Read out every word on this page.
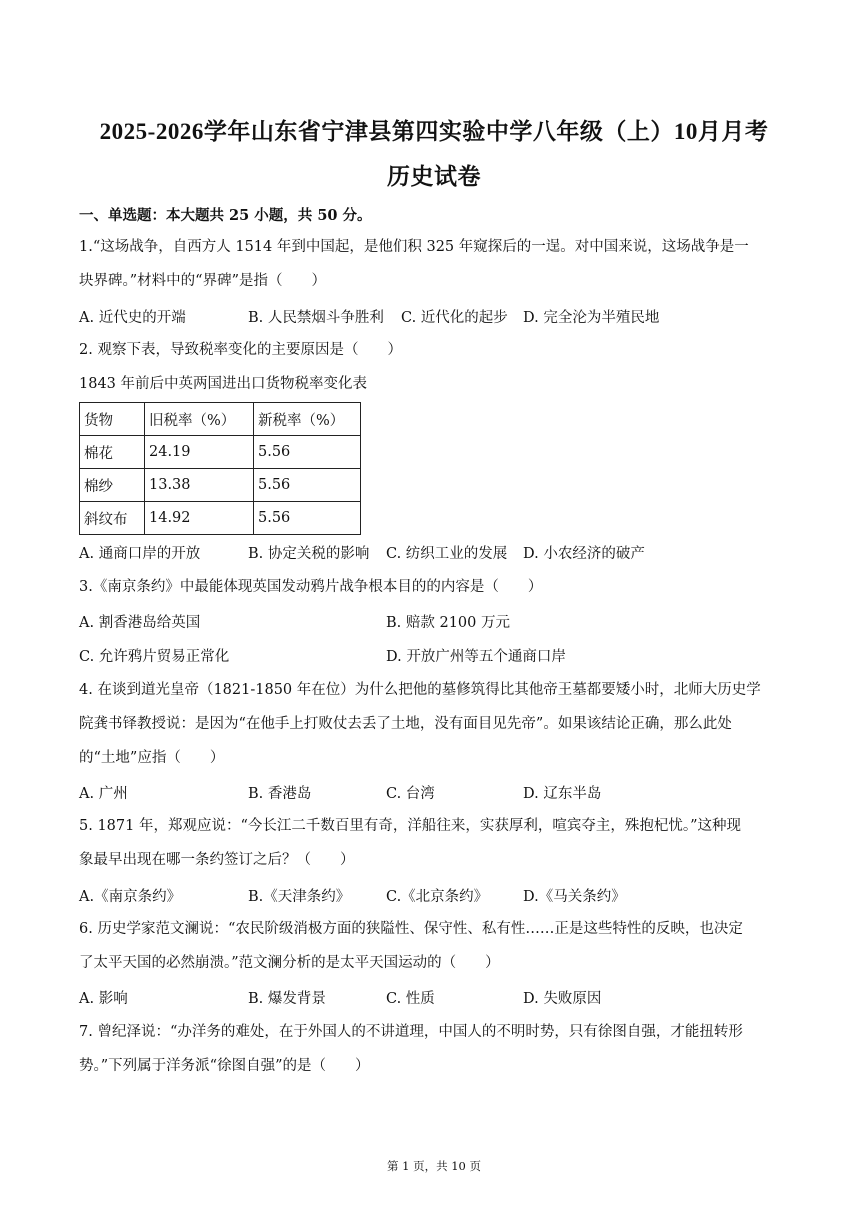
2025-2026学年山东省宁津县第四实验中学八年级（上）10月月考
历史试卷
一、单选题：本大题共 25 小题，共 50 分。
1.“这场战争，自西方人 1514 年到中国起，是他们积 325 年窥探后的一逞。对中国来说，这场战争是一
块界碑。”材料中的“界碑”是指（　　）
A. 近代史的开端	B. 人民禁烟斗争胜利 C. 近代化的起步 D. 完全沦为半殖民地
2. 观察下表，导致税率变化的主要原因是（　　）
1843 年前后中英两国进出口货物税率变化表
货物	旧税率（%）	新税率（%）
棉花	24.19	5.56
棉纱	13.38	5.56
斜纹布	14.92	5.56
A. 通商口岸的开放	B. 协定关税的影响 C. 纺织工业的发展 D. 小农经济的破产
3.《南京条约》中最能体现英国发动鸦片战争根本目的的内容是（　　）
A. 割香港岛给英国	B. 赔款 2100 万元
C. 允许鸦片贸易正常化	D. 开放广州等五个通商口岸
4. 在谈到道光皇帝（1821-1850 年在位）为什么把他的墓修筑得比其他帝王墓都要矮小时，北师大历史学
院龚书铎教授说：是因为“在他手上打败仗去丢了土地，没有面目见先帝”。如果该结论正确，那么此处
的“土地”应指（　　）
A. 广州	B. 香港岛	C. 台湾	D. 辽东半岛
5. 1871 年，郑观应说：“今长江二千数百里有奇，洋船往来，实获厚利，喧宾夺主，殊抱杞忧。”这种现
象最早出现在哪一条约签订之后？（　　）
A.《南京条约》	B.《天津条约》 C.《北京条约》 D.《马关条约》
6. 历史学家范文澜说：“农民阶级消极方面的狭隘性、保守性、私有性……正是这些特性的反映，也决定
了太平天国的必然崩溃。”范文澜分析的是太平天国运动的（　　）
A. 影响	B. 爆发背景	C. 性质	D. 失败原因
7. 曾纪泽说：“办洋务的难处，在于外国人的不讲道理，中国人的不明时势，只有徐图自强，才能扭转形
势。”下列属于洋务派“徐图自强”的是（　　）
第 1 页，共 10 页
